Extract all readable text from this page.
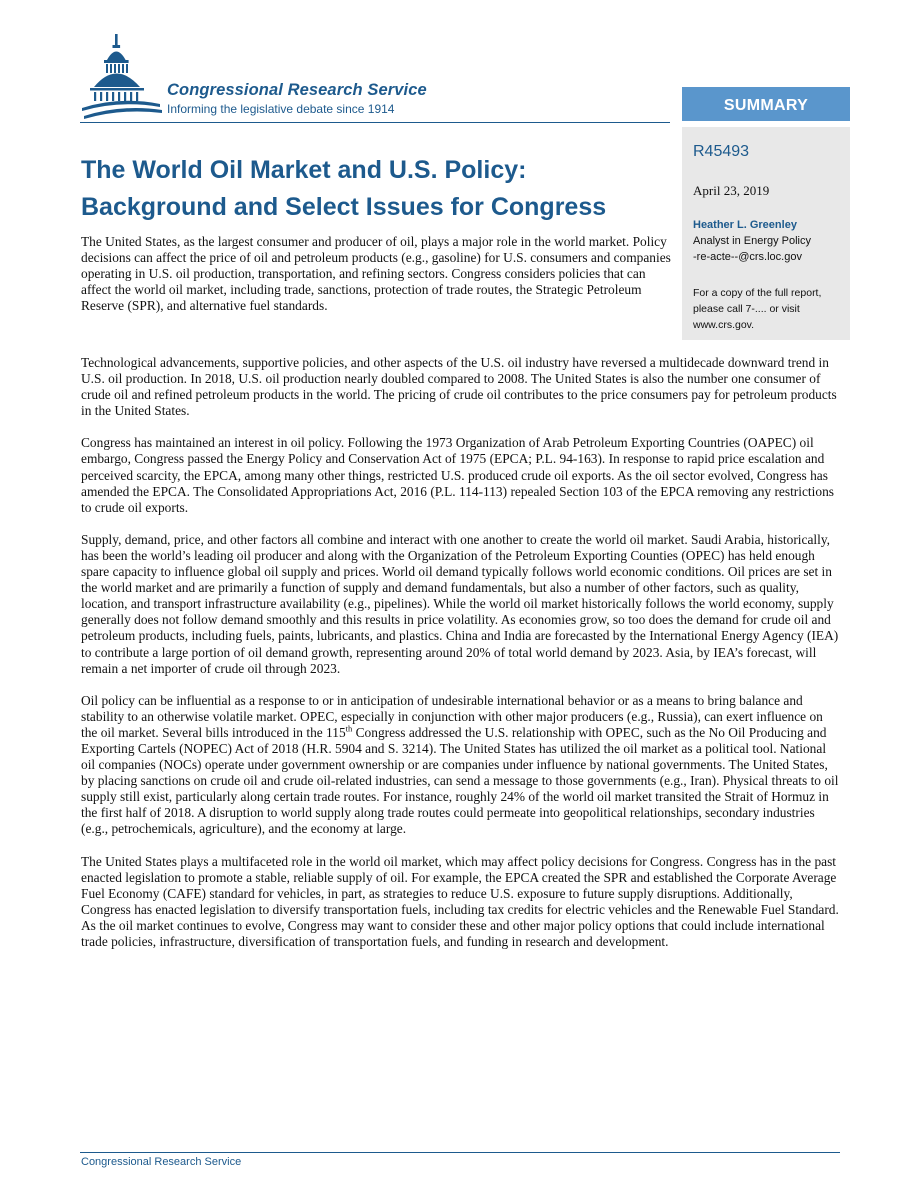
Congressional Research Service
Informing the legislative debate since 1914	SUMMARY
R45493
April 23, 2019
Heather L. Greenley
Analyst in Energy Policy
-re-acte--@crs.loc.gov
For a copy of the full report, please call 7-.... or visit www.crs.gov.
The World Oil Market and U.S. Policy:
Background and Select Issues for Congress

The United States, as the largest consumer and producer of oil, plays a major role in the world market. Policy decisions can affect the price of oil and petroleum products (e.g., gasoline) for U.S. consumers and companies operating in U.S. oil production, transportation, and refining sectors. Congress considers policies that can affect the world oil market, including trade, sanctions, protection of trade routes, the Strategic Petroleum Reserve (SPR), and alternative fuel standards.

Technological advancements, supportive policies, and other aspects of the U.S. oil industry have reversed a multidecade downward trend in U.S. oil production. In 2018, U.S. oil production nearly doubled compared to 2008. The United States is also the number one consumer of crude oil and refined petroleum products in the world. The pricing of crude oil contributes to the price consumers pay for petroleum products in the United States.

Congress has maintained an interest in oil policy. Following the 1973 Organization of Arab Petroleum Exporting Countries (OAPEC) oil embargo, Congress passed the Energy Policy and Conservation Act of 1975 (EPCA; P.L. 94-163). In response to rapid price escalation and perceived scarcity, the EPCA, among many other things, restricted U.S. produced crude oil exports. As the oil sector evolved, Congress has amended the EPCA. The Consolidated Appropriations Act, 2016 (P.L. 114-113) repealed Section 103 of the EPCA removing any restrictions to crude oil exports.

Supply, demand, price, and other factors all combine and interact with one another to create the world oil market. Saudi Arabia, historically, has been the world’s leading oil producer and along with the Organization of the Petroleum Exporting Counties (OPEC) has held enough spare capacity to influence global oil supply and prices. World oil demand typically follows world economic conditions. Oil prices are set in the world market and are primarily a function of supply and demand fundamentals, but also a number of other factors, such as quality, location, and transport infrastructure availability (e.g., pipelines). While the world oil market historically follows the world economy, supply generally does not follow demand smoothly and this results in price volatility. As economies grow, so too does the demand for crude oil and petroleum products, including fuels, paints, lubricants, and plastics. China and India are forecasted by the International Energy Agency (IEA) to contribute a large portion of oil demand growth, representing around 20% of total world demand by 2023. Asia, by IEA’s forecast, will remain a net importer of crude oil through 2023.

Oil policy can be influential as a response to or in anticipation of undesirable international behavior or as a means to bring balance and stability to an otherwise volatile market. OPEC, especially in conjunction with other major producers (e.g., Russia), can exert influence on the oil market. Several bills introduced in the 115th Congress addressed the U.S. relationship with OPEC, such as the No Oil Producing and Exporting Cartels (NOPEC) Act of 2018 (H.R. 5904 and S. 3214). The United States has utilized the oil market as a political tool. National oil companies (NOCs) operate under government ownership or are companies under influence by national governments. The United States, by placing sanctions on crude oil and crude oil-related industries, can send a message to those governments (e.g., Iran). Physical threats to oil supply still exist, particularly along certain trade routes. For instance, roughly 24% of the world oil market transited the Strait of Hormuz in the first half of 2018. A disruption to world supply along trade routes could permeate into geopolitical relationships, secondary industries (e.g., petrochemicals, agriculture), and the economy at large.

The United States plays a multifaceted role in the world oil market, which may affect policy decisions for Congress. Congress has in the past enacted legislation to promote a stable, reliable supply of oil. For example, the EPCA created the SPR and established the Corporate Average Fuel Economy (CAFE) standard for vehicles, in part, as strategies to reduce U.S. exposure to future supply disruptions. Additionally, Congress has enacted legislation to diversify transportation fuels, including tax credits for electric vehicles and the Renewable Fuel Standard. As the oil market continues to evolve, Congress may want to consider these and other major policy options that could include international trade policies, infrastructure, diversification of transportation fuels, and funding in research and development.

Congressional Research Service
